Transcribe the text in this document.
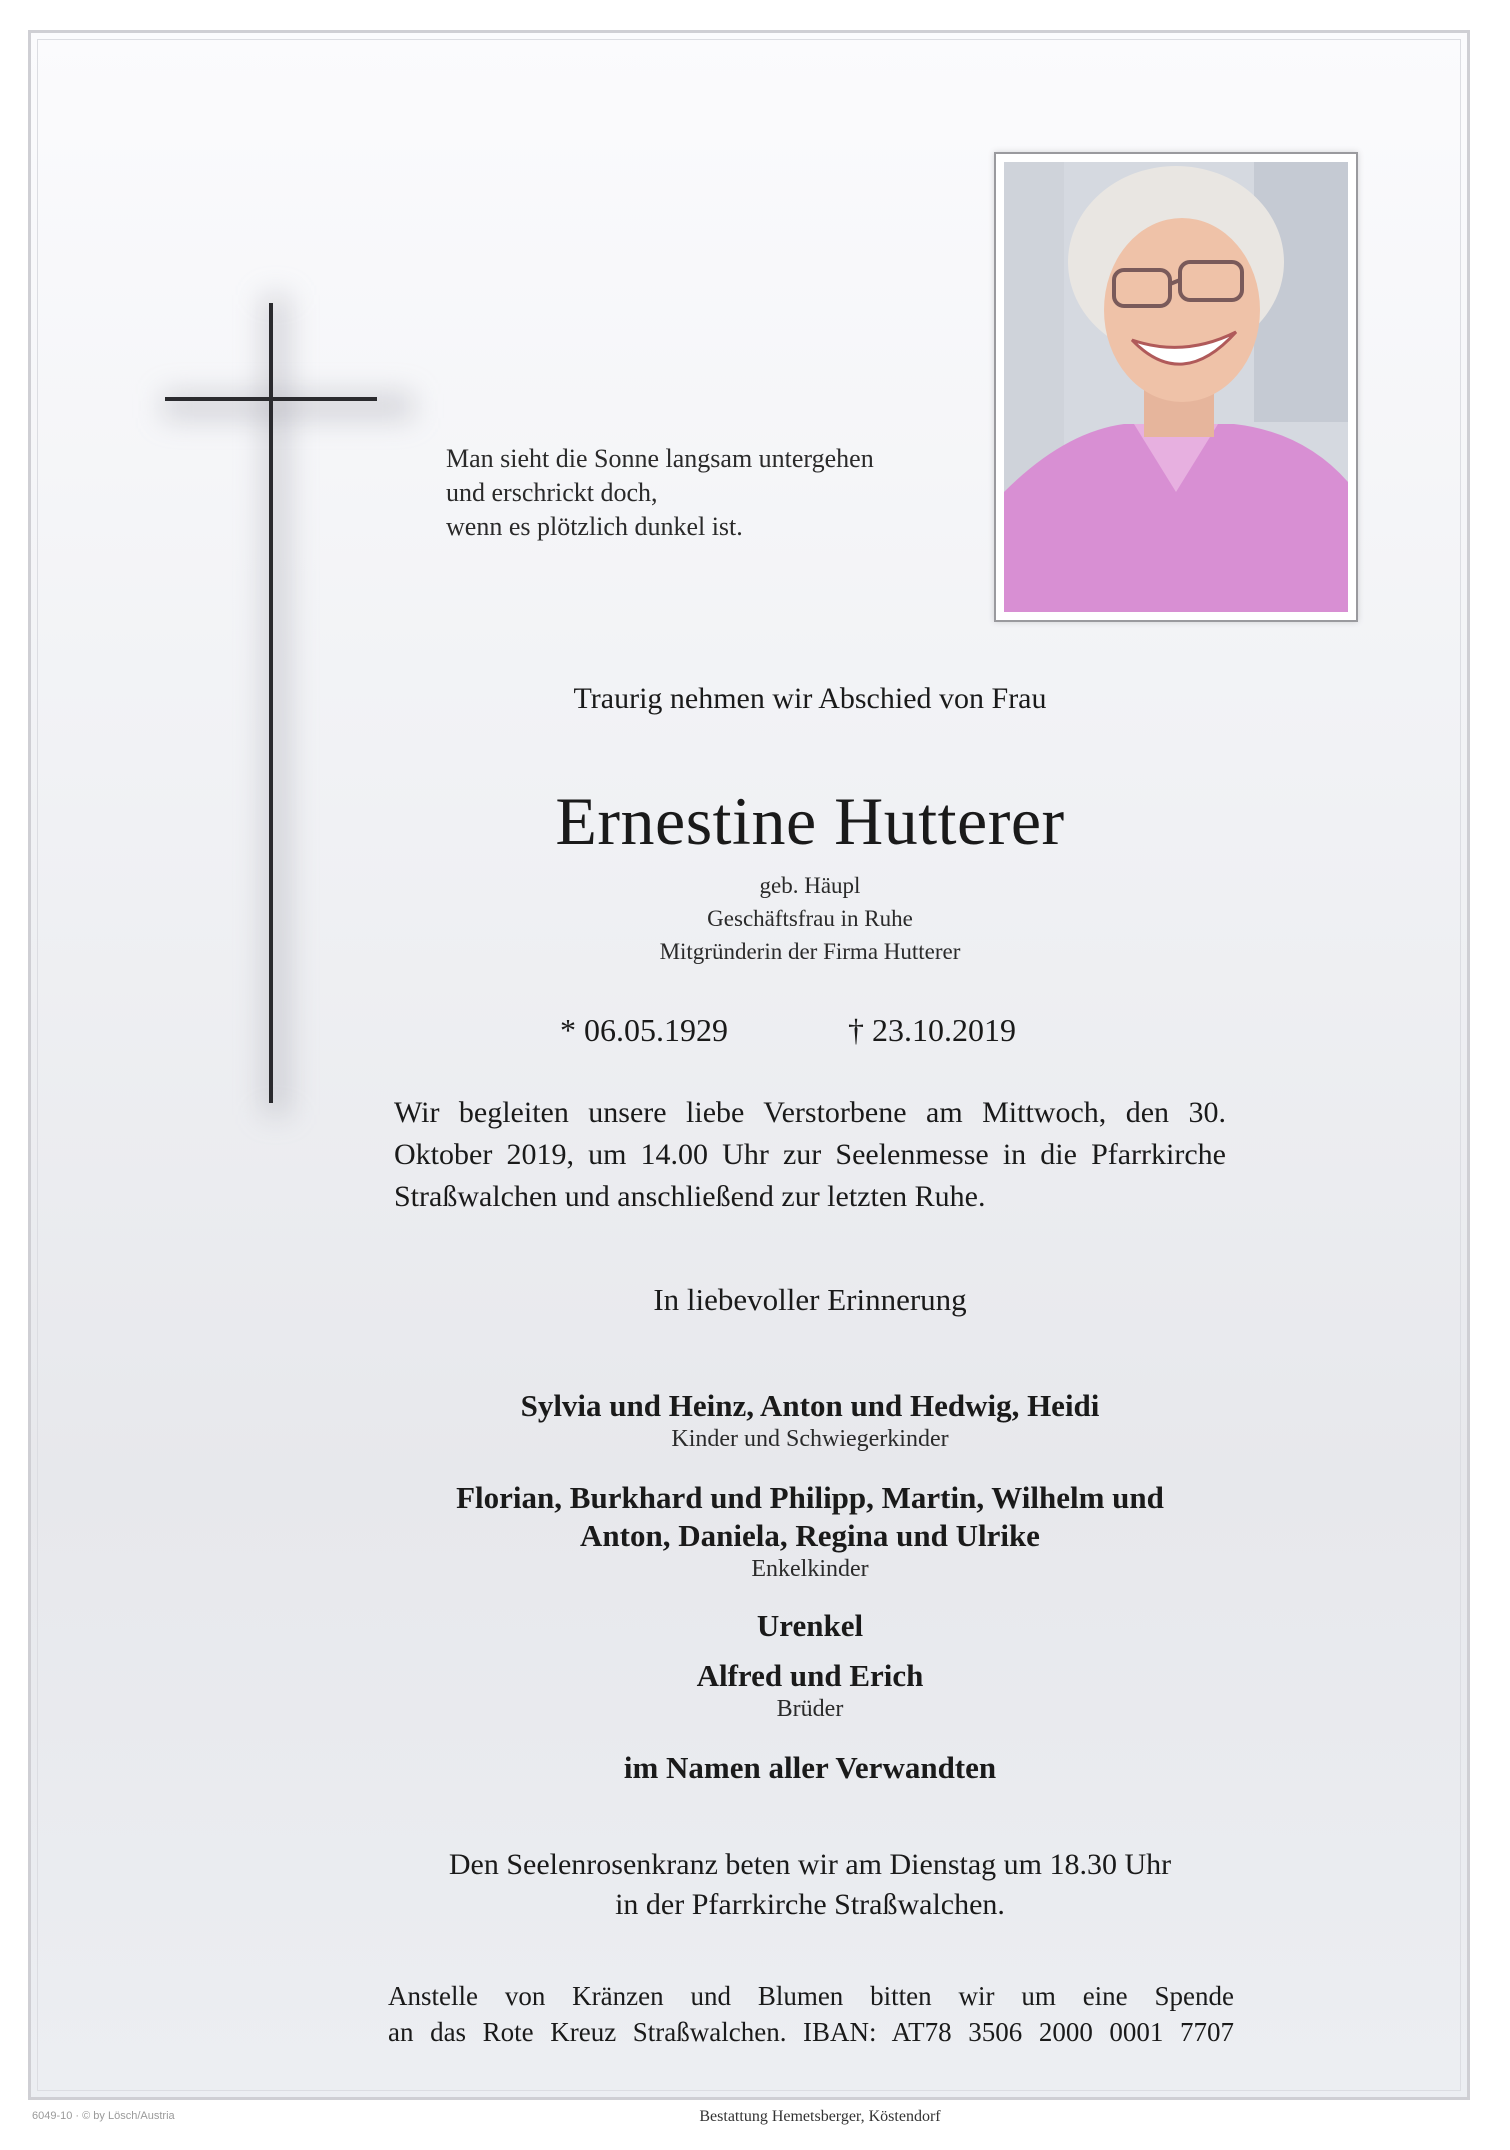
Man sieht die Sonne langsam untergehen
und erschrickt doch,
wenn es plötzlich dunkel ist.
Traurig nehmen wir Abschied von Frau
Ernestine Hutterer
geb. Häupl
Geschäftsfrau in Ruhe
Mitgründerin der Firma Hutterer
* 06.05.1929	† 23.10.2019
Wir begleiten unsere liebe Verstorbene am Mittwoch, den 30. Oktober 2019, um 14.00 Uhr zur Seelenmesse in die Pfarrkirche Straßwalchen und anschließend zur letzten Ruhe.
In liebevoller Erinnerung
Sylvia und Heinz, Anton und Hedwig, Heidi
Kinder und Schwiegerkinder
Florian, Burkhard und Philipp, Martin, Wilhelm und
Anton, Daniela, Regina und Ulrike
Enkelkinder
Urenkel
Alfred und Erich
Brüder
im Namen aller Verwandten
Den Seelenrosenkranz beten wir am Dienstag um 18.30 Uhr
in der Pfarrkirche Straßwalchen.
Anstelle von Kränzen und Blumen bitten wir um eine Spende
an das Rote Kreuz Straßwalchen. IBAN: AT78 3506 2000 0001 7707
6049-10 · © by Lösch/Austria	Bestattung Hemetsberger, Köstendorf
